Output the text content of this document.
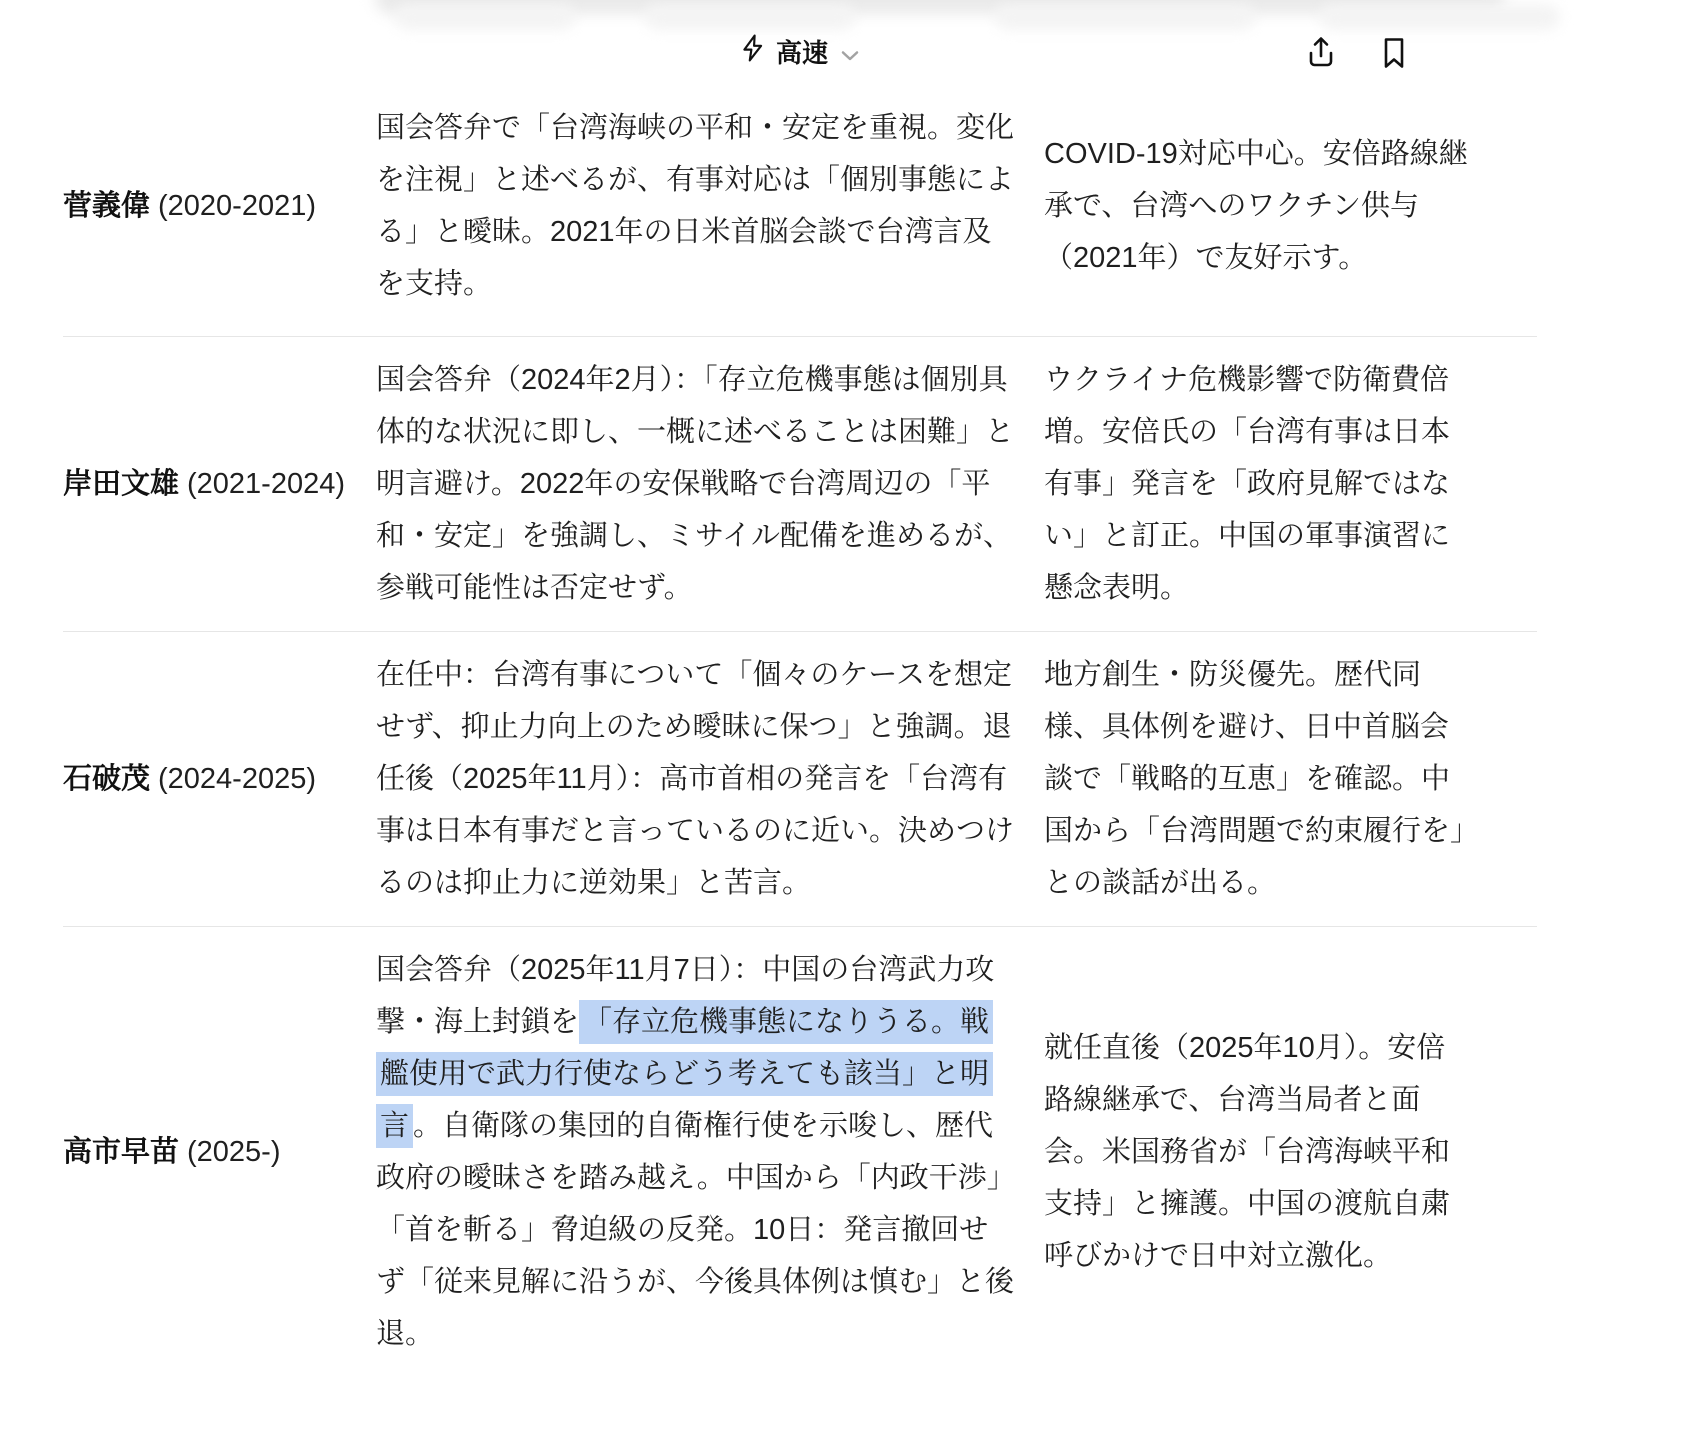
高速
菅義偉 (2020-2021)
国会答弁で「台湾海峡の平和・安定を重視。変化を注視」と述べるが、有事対応は「個別事態による」と曖昧。2021年の日米首脳会談で台湾言及を支持。
COVID-19対応中心。安倍路線継承で、台湾へのワクチン供与（2021年）で友好示す。
岸田文雄 (2021-2024)
国会答弁（2024年2月）：「存立危機事態は個別具体的な状況に即し、一概に述べることは困難」と明言避け。2022年の安保戦略で台湾周辺の「平和・安定」を強調し、ミサイル配備を進めるが、参戦可能性は否定せず。
ウクライナ危機影響で防衛費倍増。安倍氏の「台湾有事は日本有事」発言を「政府見解ではない」と訂正。中国の軍事演習に懸念表明。
石破茂 (2024-2025)
在任中：台湾有事について「個々のケースを想定せず、抑止力向上のため曖昧に保つ」と強調。退任後（2025年11月）：高市首相の発言を「台湾有事は日本有事だと言っているのに近い。決めつけるのは抑止力に逆効果」と苦言。
地方創生・防災優先。歴代同様、具体例を避け、日中首脳会談で「戦略的互恵」を確認。中国から「台湾問題で約束履行を」との談話が出る。
高市早苗 (2025-)
国会答弁（2025年11月7日）：中国の台湾武力攻撃・海上封鎖を 「存立危機事態になりうる。戦艦使用で武力行使ならどう考えても該当」と明言 。自衛隊の集団的自衛権行使を示唆し、歴代政府の曖昧さを踏み越え。中国から「内政干渉」「首を斬る」脅迫級の反発。10日：発言撤回せず「従来見解に沿うが、今後具体例は慎む」と後退。
就任直後（2025年10月）。安倍路線継承で、台湾当局者と面会。米国務省が「台湾海峡平和支持」と擁護。中国の渡航自粛呼びかけで日中対立激化。
